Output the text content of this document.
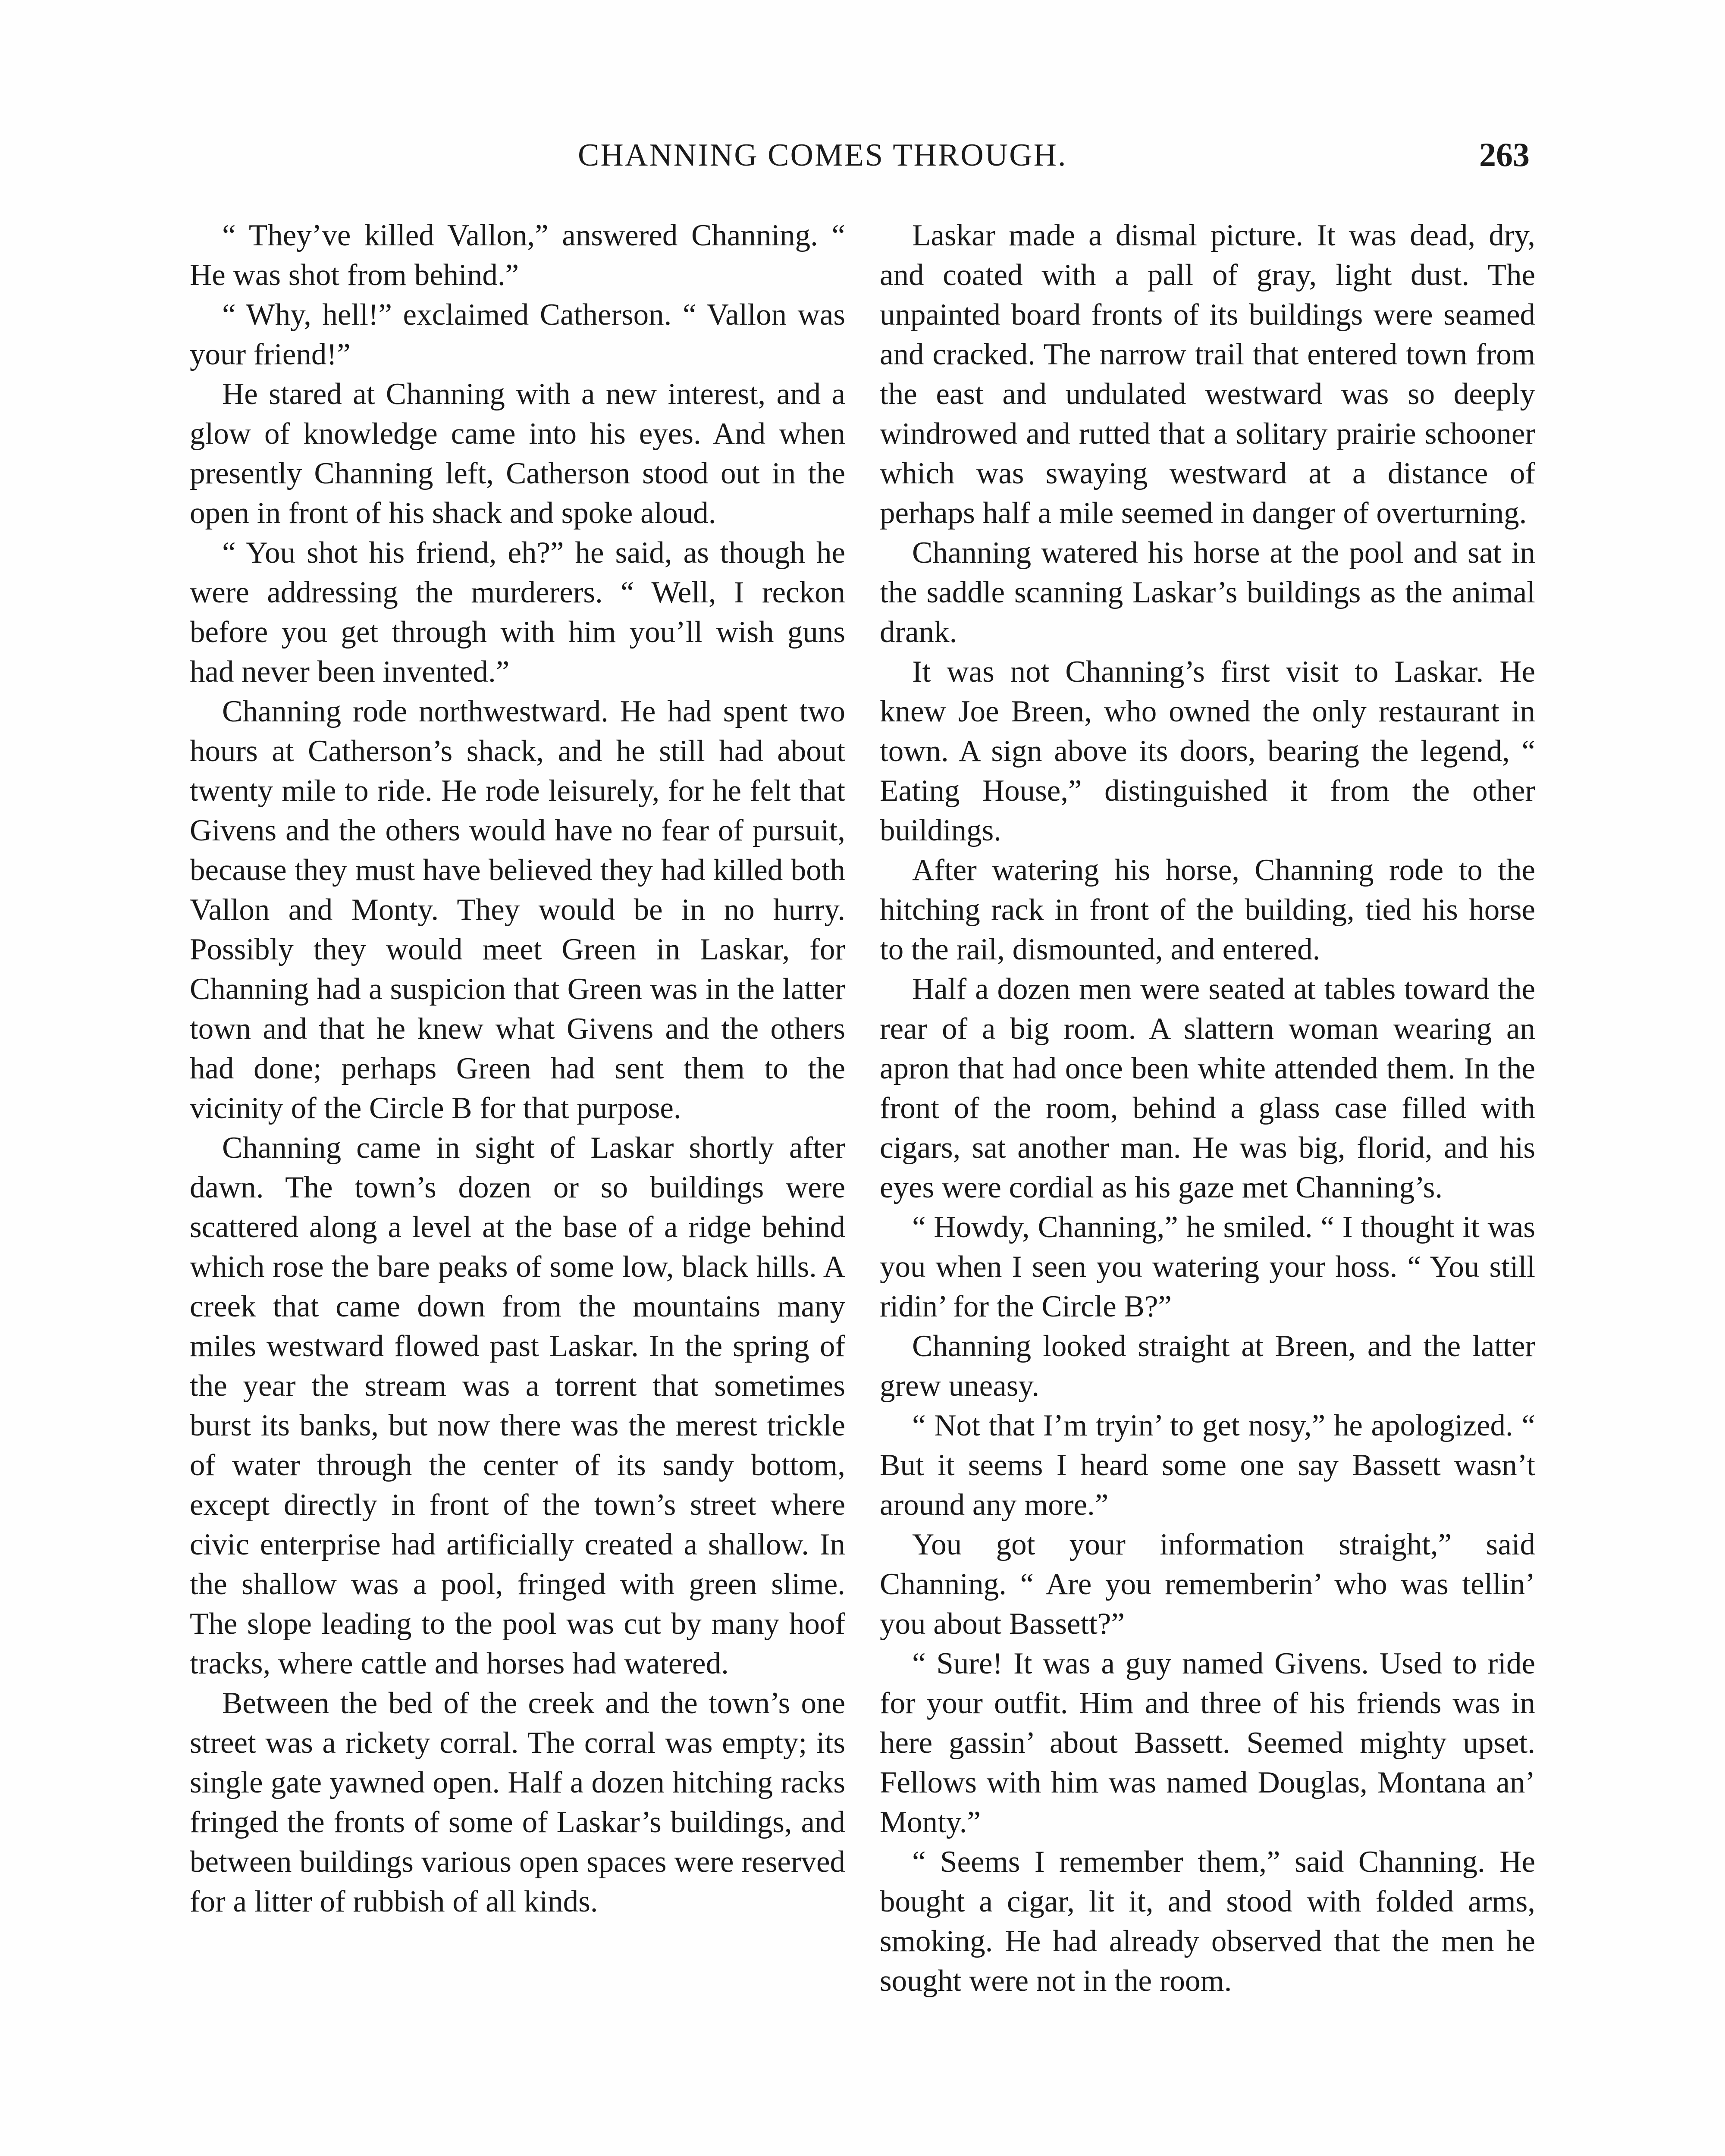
CHANNING COMES THROUGH.	263

“ They’ve killed Vallon,” answered Channing. “ He was shot from behind.”

“ Why, hell!” exclaimed Catherson. “ Vallon was your friend!”

He stared at Channing with a new interest, and a glow of knowledge came into his eyes. And when presently Channing left, Catherson stood out in the open in front of his shack and spoke aloud.

“ You shot his friend, eh?” he said, as though he were addressing the murderers. “ Well, I reckon before you get through with him you’ll wish guns had never been invented.”

Channing rode northwestward. He had spent two hours at Catherson’s shack, and he still had about twenty mile to ride. He rode leisurely, for he felt that Givens and the others would have no fear of pursuit, because they must have believed they had killed both Vallon and Monty. They would be in no hurry. Possibly they would meet Green in Laskar, for Channing had a suspicion that Green was in the latter town and that he knew what Givens and the others had done; perhaps Green had sent them to the vicinity of the Circle B for that purpose.

Channing came in sight of Laskar shortly after dawn. The town’s dozen or so buildings were scattered along a level at the base of a ridge behind which rose the bare peaks of some low, black hills. A creek that came down from the mountains many miles westward flowed past Laskar. In the spring of the year the stream was a torrent that sometimes burst its banks, but now there was the merest trickle of water through the center of its sandy bottom, except directly in front of the town’s street where civic enterprise had artificially created a shallow. In the shallow was a pool, fringed with green slime. The slope leading to the pool was cut by many hoof tracks, where cattle and horses had watered.

Between the bed of the creek and the town’s one street was a rickety corral. The corral was empty; its single gate yawned open. Half a dozen hitching racks fringed the fronts of some of Laskar’s buildings, and between buildings various open spaces were reserved for a litter of rubbish of all kinds.

Laskar made a dismal picture. It was dead, dry, and coated with a pall of gray, light dust. The unpainted board fronts of its buildings were seamed and cracked. The narrow trail that entered town from the east and undulated westward was so deeply windrowed and rutted that a solitary prairie schooner which was swaying westward at a distance of perhaps half a mile seemed in danger of overturning.

Channing watered his horse at the pool and sat in the saddle scanning Laskar’s buildings as the animal drank.

It was not Channing’s first visit to Laskar. He knew Joe Breen, who owned the only restaurant in town. A sign above its doors, bearing the legend, “ Eating House,” distinguished it from the other buildings.

After watering his horse, Channing rode to the hitching rack in front of the building, tied his horse to the rail, dismounted, and entered.

Half a dozen men were seated at tables toward the rear of a big room. A slattern woman wearing an apron that had once been white attended them. In the front of the room, behind a glass case filled with cigars, sat another man. He was big, florid, and his eyes were cordial as his gaze met Channing’s.

“ Howdy, Channing,” he smiled. “ I thought it was you when I seen you watering your hoss. “ You still ridin’ for the Circle B?”

Channing looked straight at Breen, and the latter grew uneasy.

“ Not that I’m tryin’ to get nosy,” he apologized. “ But it seems I heard some one say Bassett wasn’t around any more.”

You got your information straight,” said Channing. “ Are you rememberin’ who was tellin’ you about Bassett?”

“ Sure! It was a guy named Givens. Used to ride for your outfit. Him and three of his friends was in here gassin’ about Bassett. Seemed mighty upset. Fellows with him was named Douglas, Montana an’ Monty.”

“ Seems I remember them,” said Channing. He bought a cigar, lit it, and stood with folded arms, smoking. He had already observed that the men he sought were not in the room.
